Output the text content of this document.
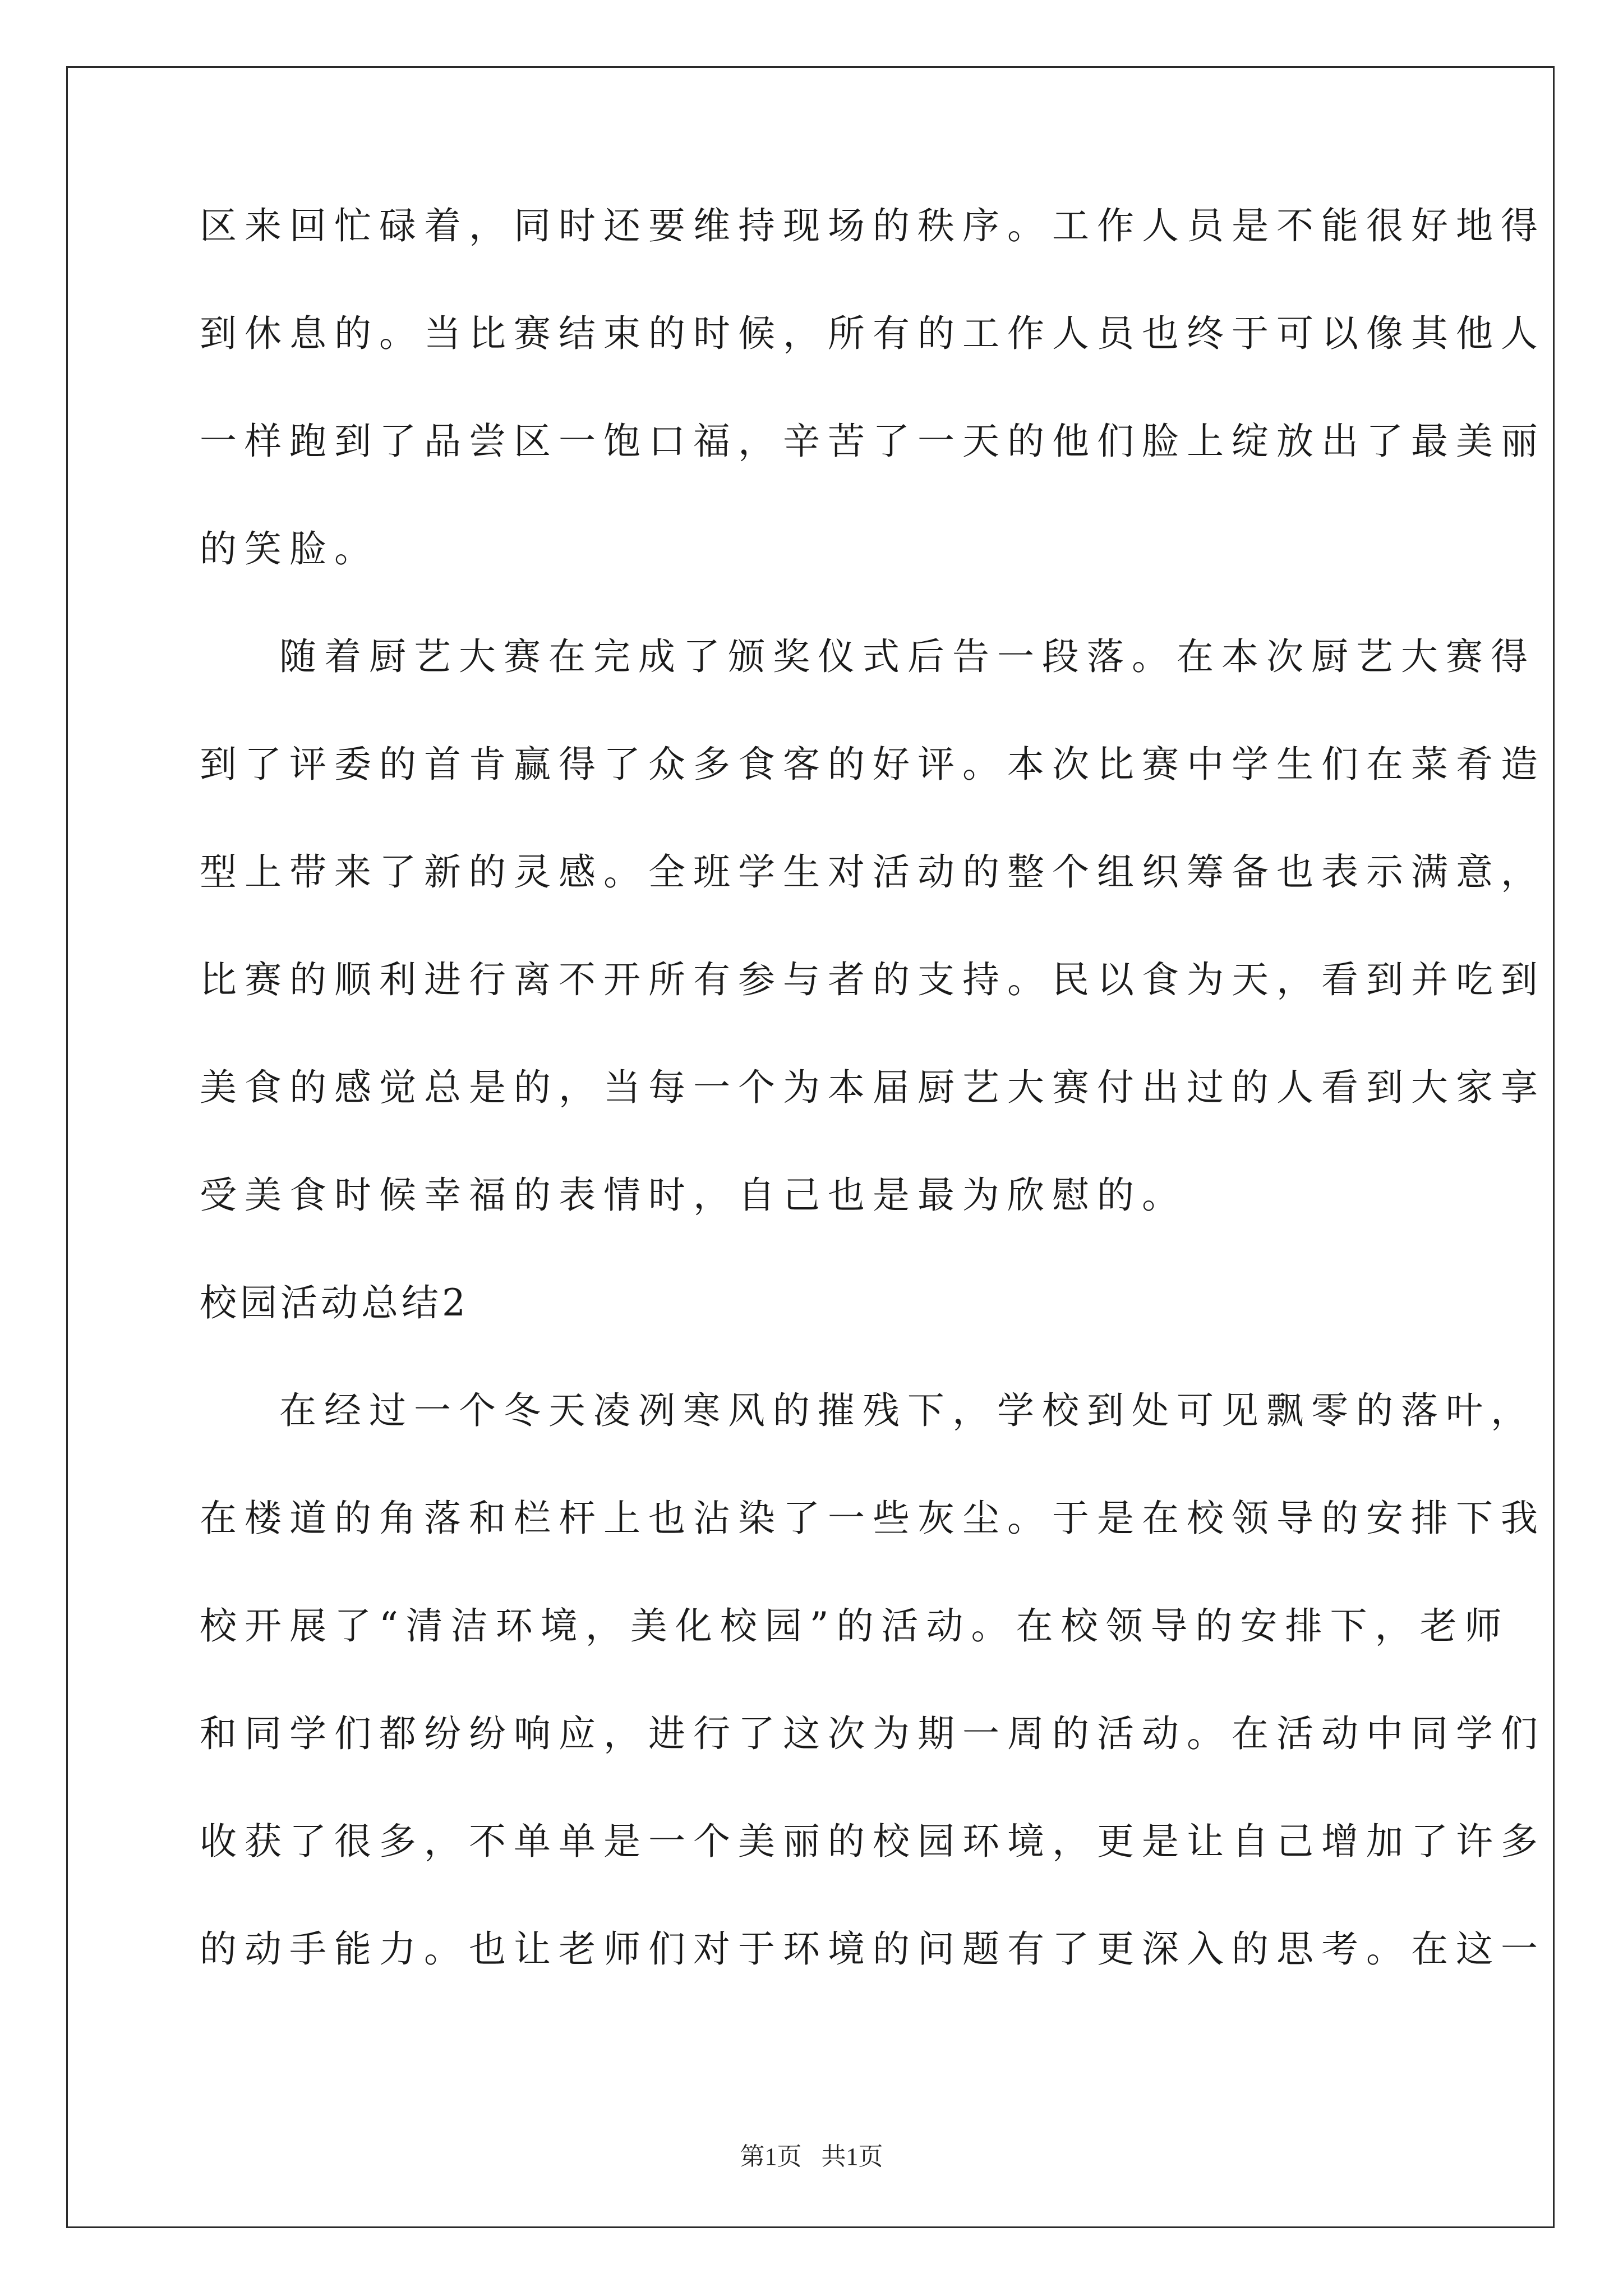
区来回忙碌着，同时还要维持现场的秩序。工作人员是不能很好地得
到休息的。当比赛结束的时候，所有的工作人员也终于可以像其他人
一样跑到了品尝区一饱口福，辛苦了一天的他们脸上绽放出了最美丽
的笑脸。
随着厨艺大赛在完成了颁奖仪式后告一段落。在本次厨艺大赛得
到了评委的首肯赢得了众多食客的好评。本次比赛中学生们在菜肴造
型上带来了新的灵感。全班学生对活动的整个组织筹备也表示满意，
比赛的顺利进行离不开所有参与者的支持。民以食为天，看到并吃到
美食的感觉总是的，当每一个为本届厨艺大赛付出过的人看到大家享
受美食时候幸福的表情时，自己也是最为欣慰的。
校园活动总结2
在经过一个冬天凌冽寒风的摧残下，学校到处可见飘零的落叶，
在楼道的角落和栏杆上也沾染了一些灰尘。于是在校领导的安排下我
校开展了“清洁环境，美化校园”的活动。在校领导的安排下，老师
和同学们都纷纷响应，进行了这次为期一周的活动。在活动中同学们
收获了很多，不单单是一个美丽的校园环境，更是让自己增加了许多
的动手能力。也让老师们对于环境的问题有了更深入的思考。在这一
第1页 共1页
